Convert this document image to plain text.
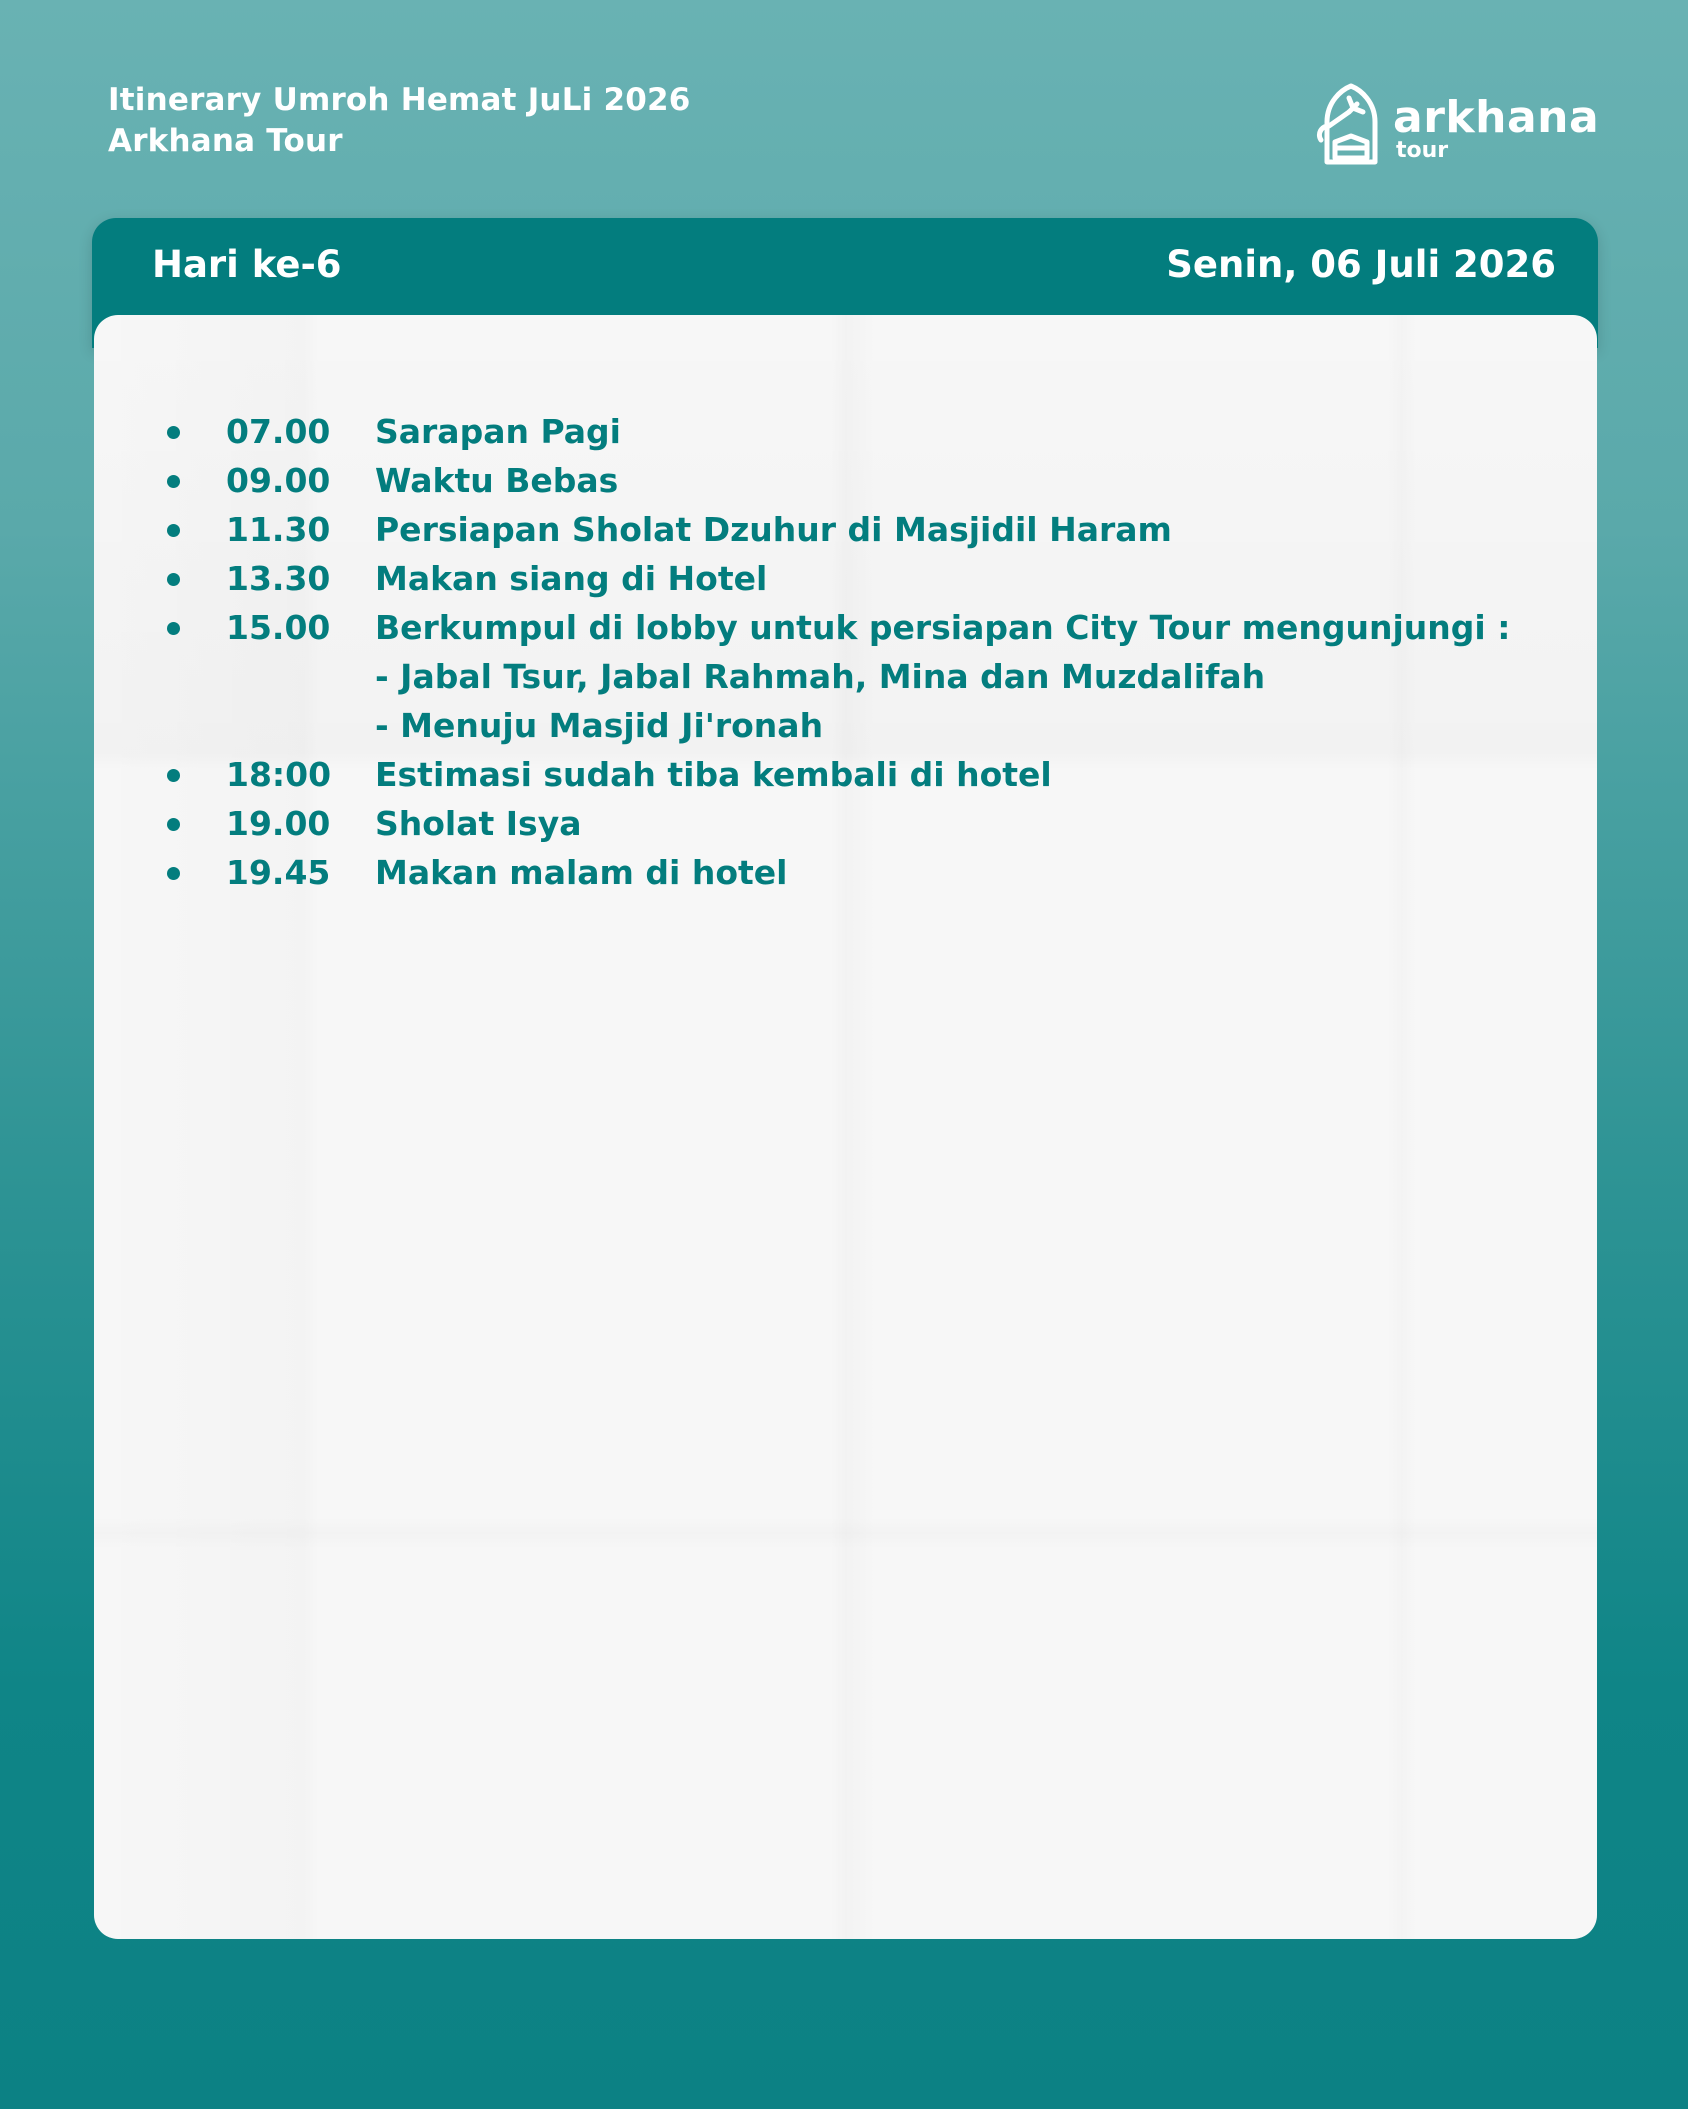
Itinerary Umroh Hemat JuLi 2026
Arkhana Tour	arkhana
tour
Hari ke-6	Senin, 06 Juli 2026
07.00	Sarapan Pagi
09.00	Waktu Bebas
11.30	Persiapan Sholat Dzuhur di Masjidil Haram
13.30	Makan siang di Hotel
15.00	Berkumpul di lobby untuk persiapan City Tour mengunjungi :
- Jabal Tsur, Jabal Rahmah, Mina dan Muzdalifah
- Menuju Masjid Ji'ronah
18:00	Estimasi sudah tiba kembali di hotel
19.00	Sholat Isya
19.45	Makan malam di hotel
